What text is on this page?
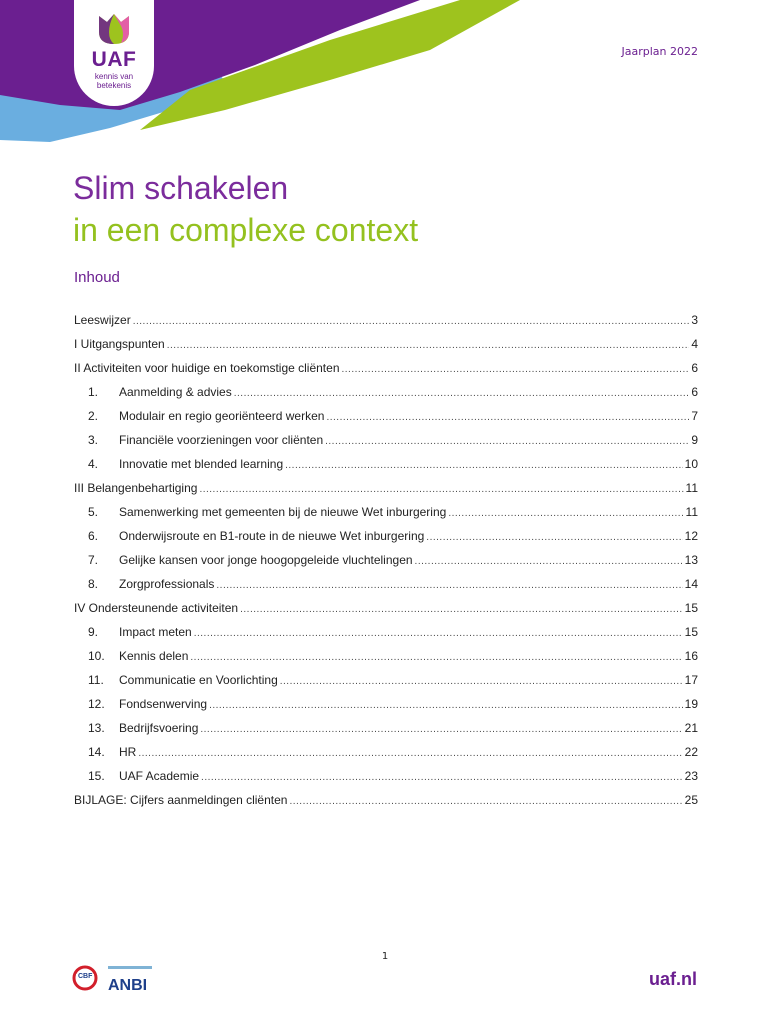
UAF
kennis van
betekenis
Jaarplan 2022
Slim schakelen
in een complexe context
Inhoud
Leeswijzer .....	3
I Uitgangspunten .....	4
II Activiteiten voor huidige en toekomstige cliënten .....	6
1.	Aanmelding & advies .....	6
2.	Modulair en regio georiënteerd werken .....	7
3.	Financiële voorzieningen voor cliënten .....	9
4.	Innovatie met blended learning .....	10
III Belangenbehartiging .....	11
5.	Samenwerking met gemeenten bij de nieuwe Wet inburgering .....	11
6.	Onderwijsroute en B1-route in de nieuwe Wet inburgering .....	12
7.	Gelijke kansen voor jonge hoogopgeleide vluchtelingen .....	13
8.	Zorgprofessionals .....	14
IV Ondersteunende activiteiten .....	15
9.	Impact meten .....	15
10.	Kennis delen .....	16
11.	Communicatie en Voorlichting .....	17
12.	Fondsenwerving .....	19
13.	Bedrijfsvoering .....	21
14.	HR .....	22
15.	UAF Academie .....	23
BIJLAGE: Cijfers aanmeldingen cliënten .....	25
1
CBF
ANBI	uaf.nl
